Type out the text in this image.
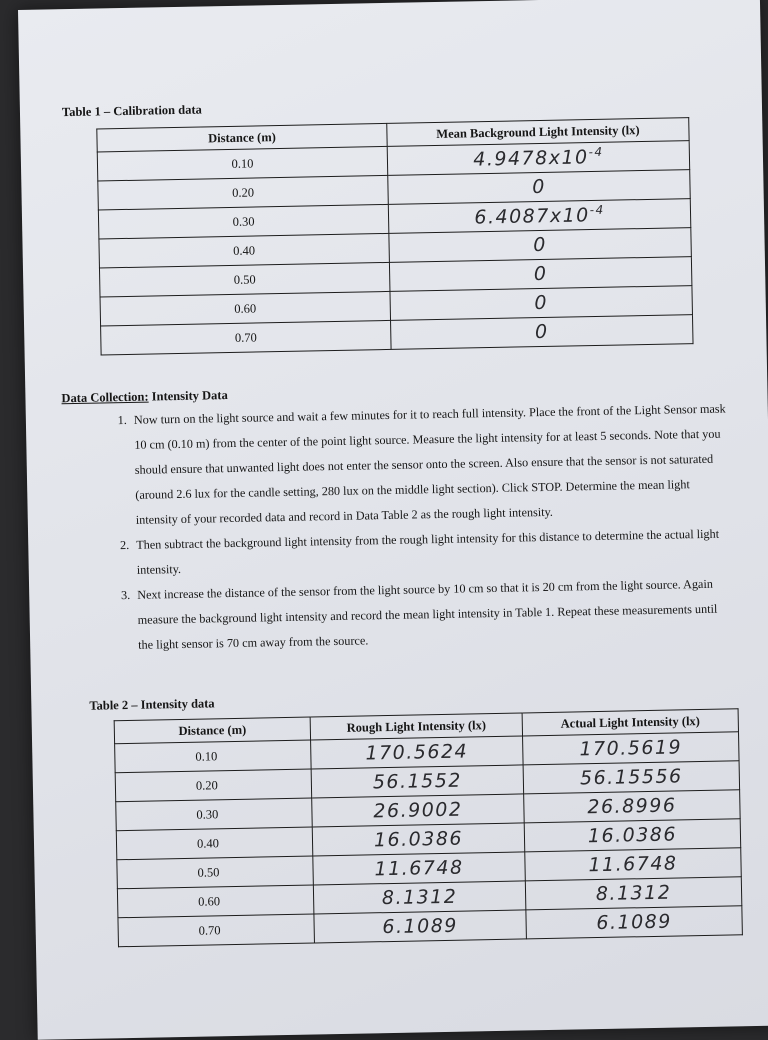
Table 1 – Calibration data
Distance (m)	Mean Background Light Intensity (lx)
0.10	$4.9478x10^{-4}$
0.20	0
0.30	$6.4087x10^{-4}$
0.40	0
0.50	0
0.60	0
0.70	0
Data Collection: Intensity Data
1. Now turn on the light source and wait a few minutes for it to reach full intensity. Place the front of the Light Sensor mask 10 cm (0.10 m) from the center of the point light source. Measure the light intensity for at least 5 seconds. Note that you should ensure that unwanted light does not enter the sensor onto the screen. Also ensure that the sensor is not saturated (around 2.6 lux for the candle setting, 280 lux on the middle light section). Click STOP. Determine the mean light intensity of your recorded data and record in Data Table 2 as the rough light intensity.
2. Then subtract the background light intensity from the rough light intensity for this distance to determine the actual light intensity.
3. Next increase the distance of the sensor from the light source by 10 cm so that it is 20 cm from the light source. Again measure the background light intensity and record the mean light intensity in Table 1. Repeat these measurements until the light sensor is 70 cm away from the source.
Table 2 – Intensity data
Distance (m)	Rough Light Intensity (lx)	Actual Light Intensity (lx)
0.10	170.5624	170.5619
0.20	56.1552	56.15556
0.30	26.9002	26.8996
0.40	16.0386	16.0386
0.50	11.6748	11.6748
0.60	8.1312	8.1312
0.70	6.1089	6.1089
